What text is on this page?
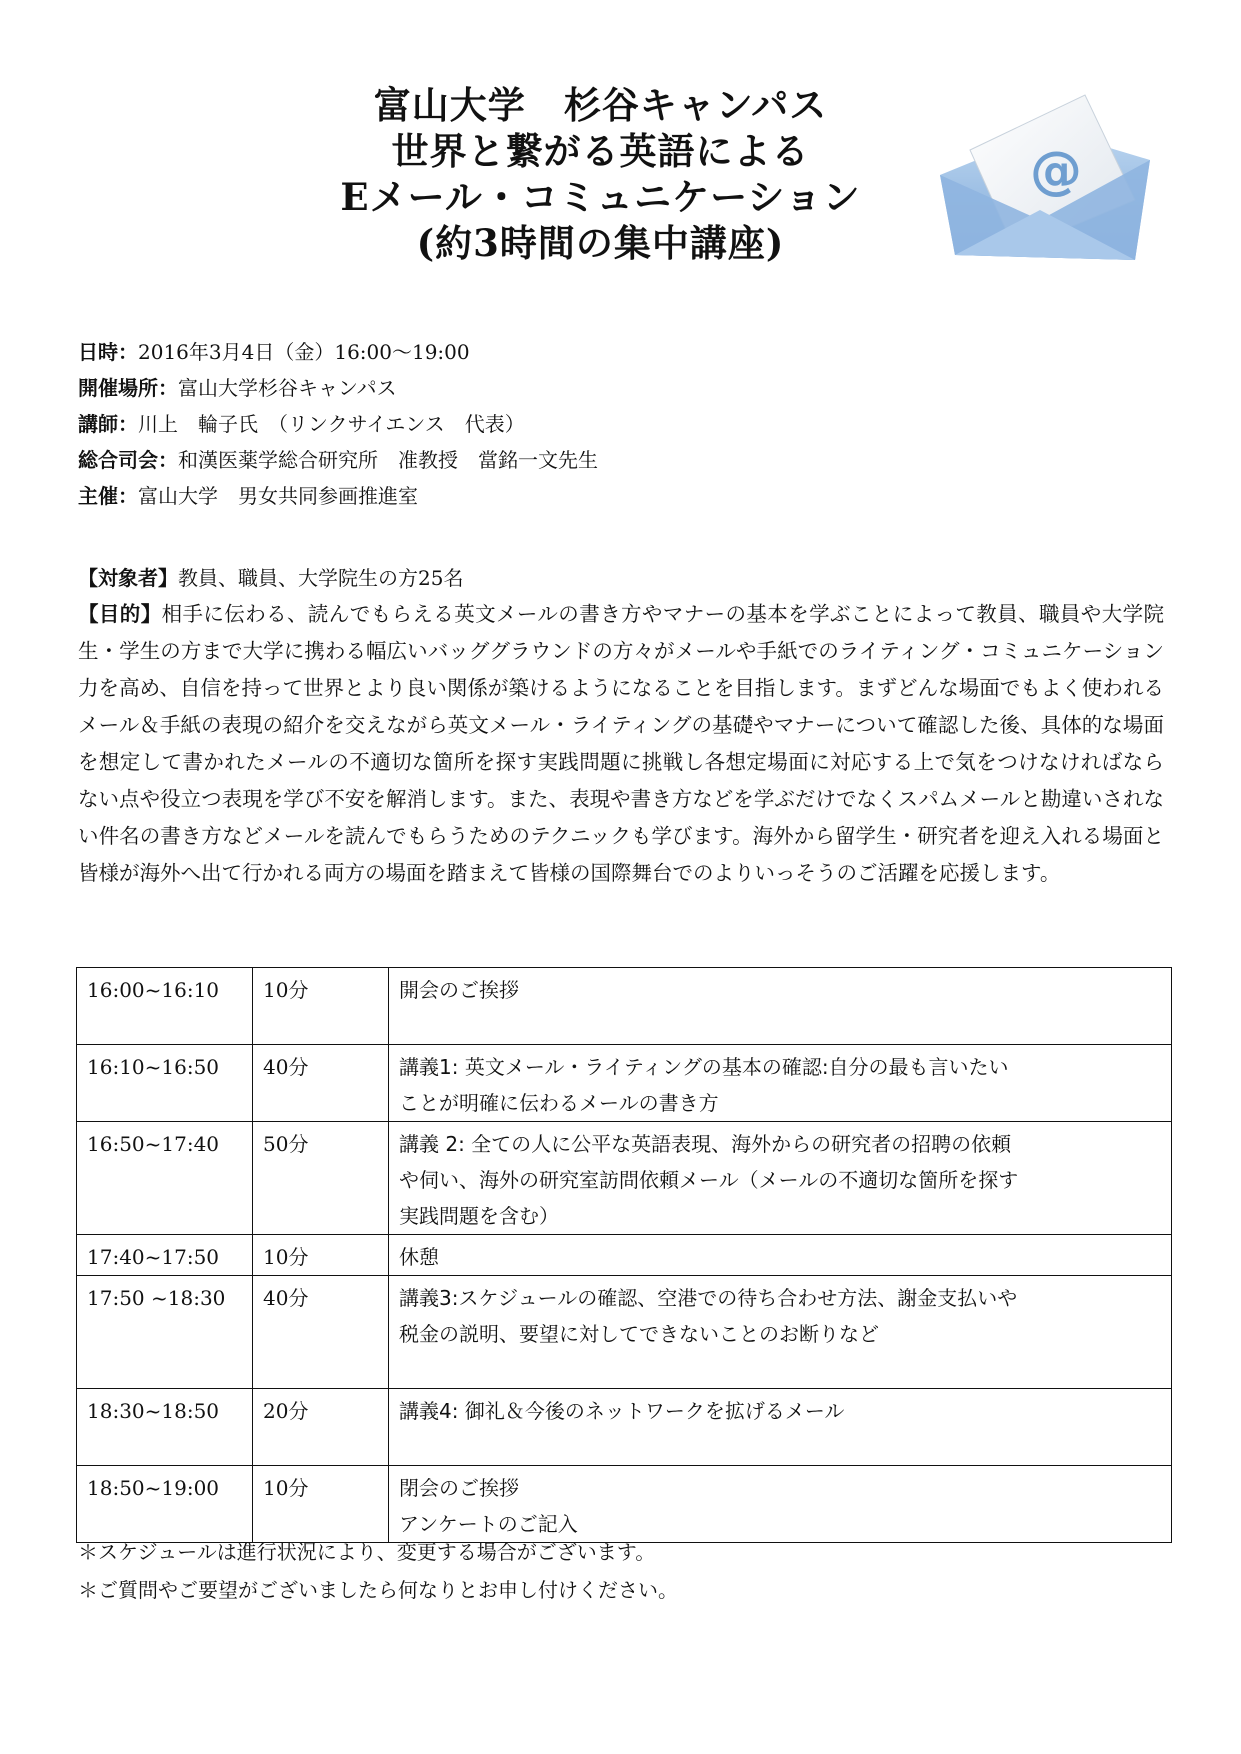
富山大学　杉谷キャンパス
世界と繋がる英語による
Eメール・コミュニケーション
(約3時間の集中講座)
@
日時：2016年3月4日（金）16:00～19:00
開催場所：富山大学杉谷キャンパス
講師：川上　輪子氏　（リンクサイエンス　代表）
総合司会：和漢医薬学総合研究所　准教授　當銘一文先生
主催：富山大学　男女共同参画推進室
【対象者】教員、職員、大学院生の方25名
【目的】相手に伝わる、読んでもらえる英文メールの書き方やマナーの基本を学ぶことによって教員、職員や大学院生・学生の方まで大学に携わる幅広いバッググラウンドの方々がメールや手紙でのライティング・コミュニケーション力を高め、自信を持って世界とより良い関係が築けるようになることを目指します。まずどんな場面でもよく使われるメール＆手紙の表現の紹介を交えながら英文メール・ライティングの基礎やマナーについて確認した後、具体的な場面を想定して書かれたメールの不適切な箇所を探す実践問題に挑戦し各想定場面に対応する上で気をつけなければならない点や役立つ表現を学び不安を解消します。また、表現や書き方などを学ぶだけでなくスパムメールと勘違いされない件名の書き方などメールを読んでもらうためのテクニックも学びます。海外から留学生・研究者を迎え入れる場面と皆様が海外へ出て行かれる両方の場面を踏まえて皆様の国際舞台でのよりいっそうのご活躍を応援します。
16:00~16:10	10分	開会のご挨拶

16:10~16:50	40分	講義1: 英文メール・ライティングの基本の確認:自分の最も言いたい
ことが明確に伝わるメールの書き方

16:50~17:40	50分	講義 2: 全ての人に公平な英語表現、海外からの研究者の招聘の依頼
や伺い、海外の研究室訪問依頼メール（メールの不適切な箇所を探す
実践問題を含む）

17:40~17:50	10分	休憩

17:50 ~18:30	40分	講義3:スケジュールの確認、空港での待ち合わせ方法、謝金支払いや
税金の説明、要望に対してできないことのお断りなど

18:30~18:50	20分	講義4: 御礼＆今後のネットワークを拡げるメール

18:50~19:00	10分	閉会のご挨拶
アンケートのご記入
＊スケジュールは進行状況により、変更する場合がございます。
＊ご質問やご要望がございましたら何なりとお申し付けください。
